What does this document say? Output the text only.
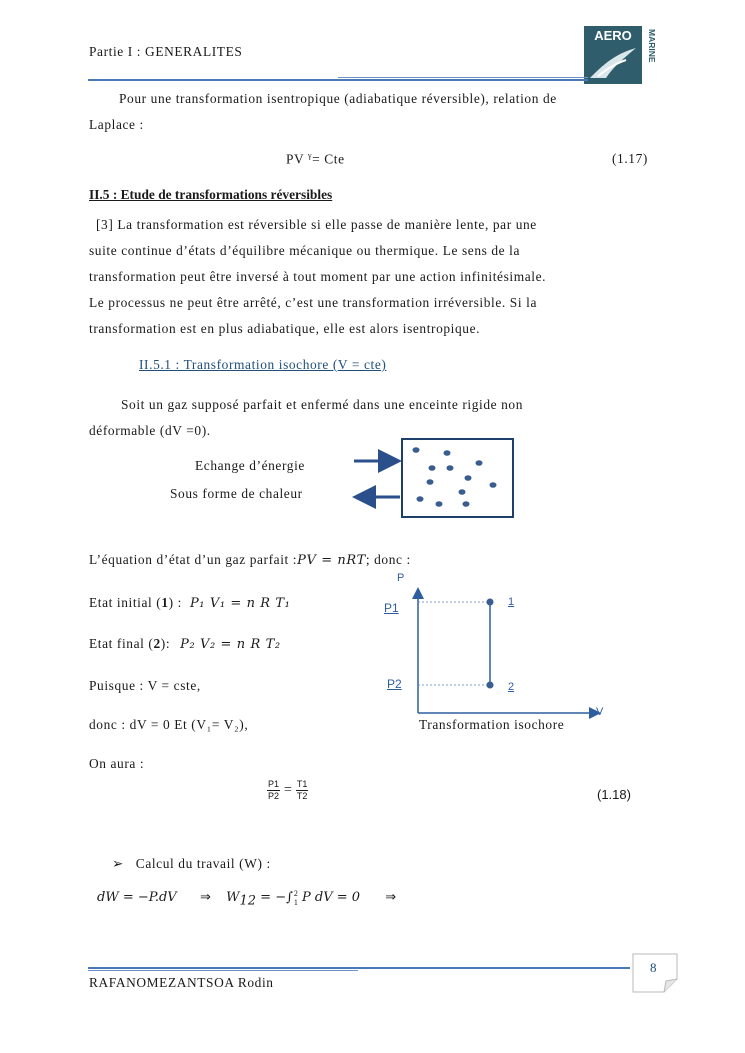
Partie I : GENERALITES
AERO MARINE
Pour une transformation isentropique (adiabatique réversible), relation de
Laplace :
PV $^\gamma$= Cte	(1.17)
II.5 : Etude de transformations réversibles
[3] La transformation est réversible si elle passe de manière lente, par une
suite continue d’états d’équilibre mécanique ou thermique. Le sens de la
transformation peut être inversé à tout moment par une action infinitésimale.
Le processus ne peut être arrêté, c’est une transformation irréversible. Si la
transformation est en plus adiabatique, elle est alors isentropique.
II.5.1 : Transformation isochore (V = cte)
Soit un gaz supposé parfait et enfermé dans une enceinte rigide non
déformable (dV =0).
Echange d’énergie
Sous forme de chaleur
L’équation d’état d’un gaz parfait :PV = nRT; donc :
Etat initial (1) : P₁ V₁ = n R T₁
Etat final (2): P₂ V₂ = n R T₂
Puisque : V = cste,
donc : dV = 0 Et (V₁= V₂),
On aura :
P
V
P1
P2
1
2
Transformation isochore
$\frac{P1}{P2} = \frac{T1}{T2}$	(1.18)
➢ Calcul du travail (W) :
dW = −P.dV ⇒ $W_{12}$ = −∫ 2
1 P dV = 0 ⇒
8
RAFANOMEZANTSOA Rodin
